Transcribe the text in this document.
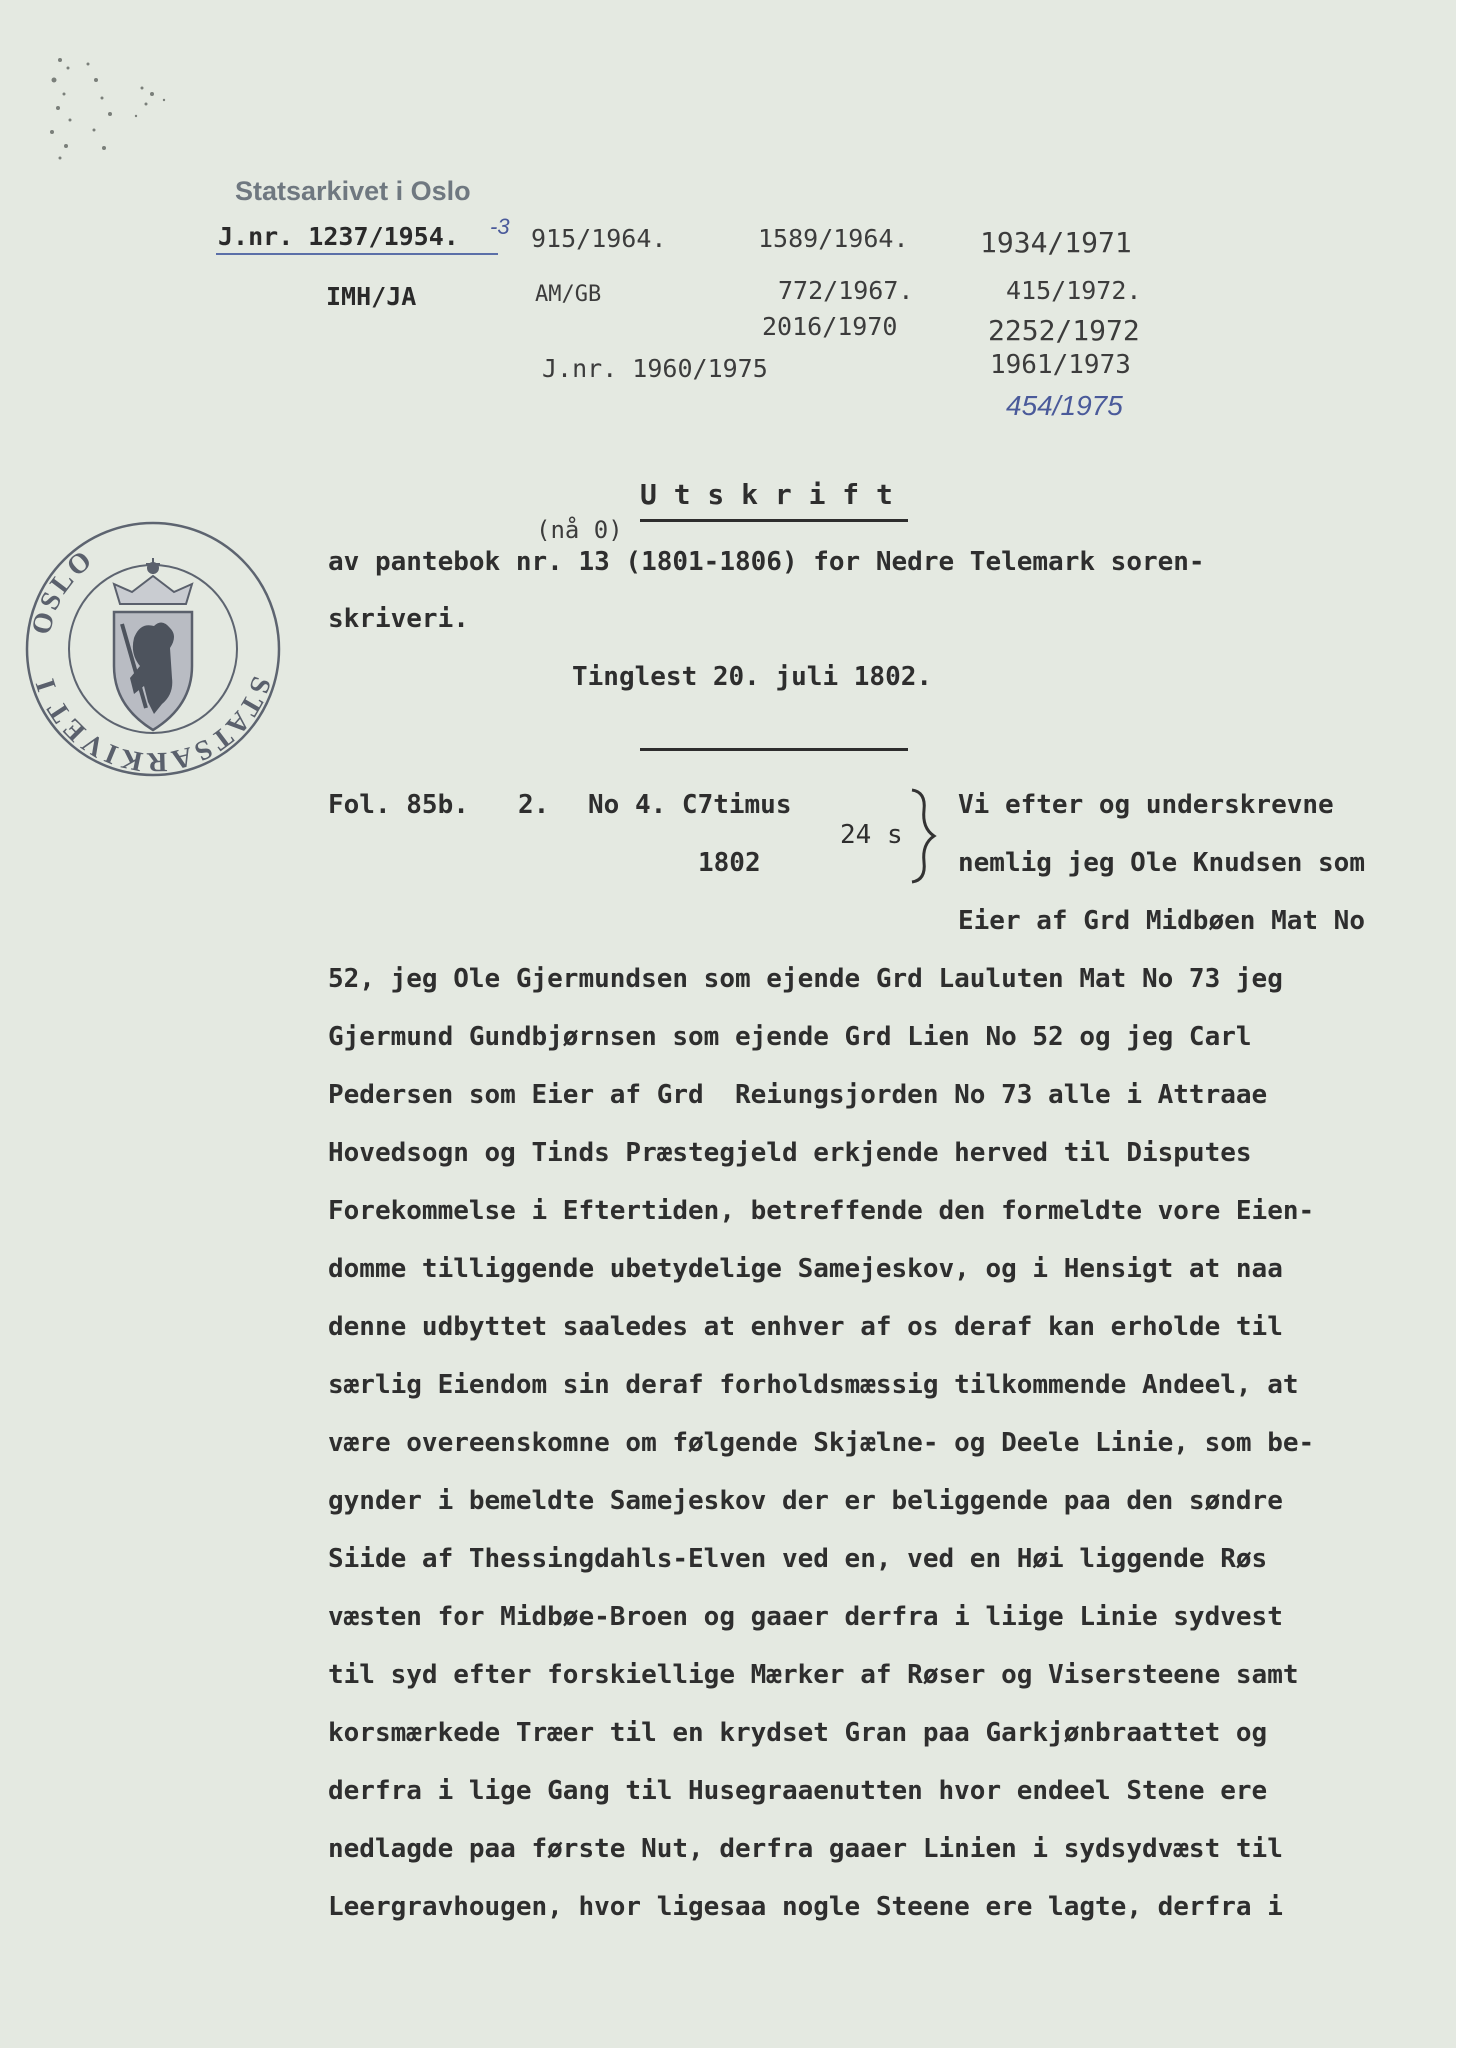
Statsarkivet i Oslo
J.nr. 1237/1954. -3 915/1964.	1589/1964.	1934/1971
IMH/JA	AM/GB	772/1967.	415/1972.
2016/1970	2252/1972
J.nr. 1960/1975	1961/1973
454/1975
U t s k r i f t
(nå 0)
av pantebok nr. 13 (1801-1806) for Nedre Telemark soren-
skriveri.
Tinglest 20. juli 1802.
OSLO
STATSARKIVET I
Fol. 85b. 2. No 4. C7timus
1802
24 s
Vi efter og underskrevne
nemlig jeg Ole Knudsen som
Eier af Grd Midbøen Mat No
52, jeg Ole Gjermundsen som ejende Grd Lauluten Mat No 73 jeg
Gjermund Gundbjørnsen som ejende Grd Lien No 52 og jeg Carl
Pedersen som Eier af Grd  Reiungsjorden No 73 alle i Attraae
Hovedsogn og Tinds Præstegjeld erkjende herved til Disputes
Forekommelse i Eftertiden, betreffende den formeldte vore Eien-
domme tilliggende ubetydelige Samejeskov, og i Hensigt at naa
denne udbyttet saaledes at enhver af os deraf kan erholde til
særlig Eiendom sin deraf forholdsmæssig tilkommende Andeel, at
være overeenskomne om følgende Skjælne- og Deele Linie, som be-
gynder i bemeldte Samejeskov der er beliggende paa den søndre
Siide af Thessingdahls-Elven ved en, ved en Høi liggende Røs
væsten for Midbøe-Broen og gaaer derfra i liige Linie sydvest
til syd efter forskiellige Mærker af Røser og Visersteene samt
korsmærkede Træer til en krydset Gran paa Garkjønbraattet og
derfra i lige Gang til Husegraaenutten hvor endeel Stene ere
nedlagde paa første Nut, derfra gaaer Linien i sydsydvæst til
Leergravhougen, hvor ligesaa nogle Steene ere lagte, derfra i
